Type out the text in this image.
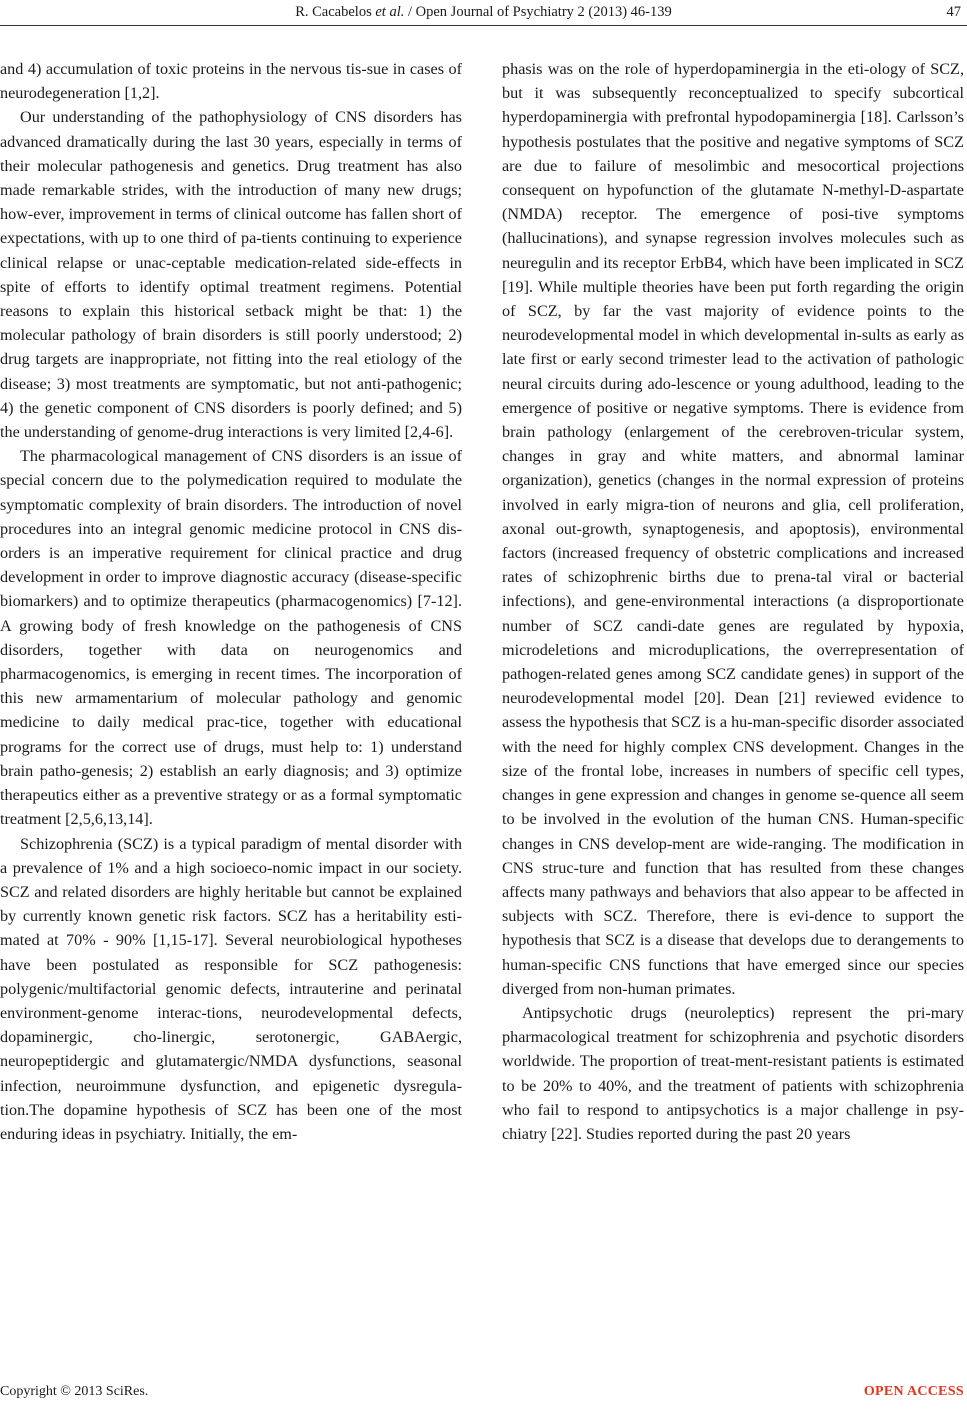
R. Cacabelos et al. / Open Journal of Psychiatry 2 (2013) 46-139	47

and 4) accumulation of toxic proteins in the nervous tis-sue in cases of neurodegeneration [1,2].

Our understanding of the pathophysiology of CNS disorders has advanced dramatically during the last 30 years, especially in terms of their molecular pathogenesis and genetics. Drug treatment has also made remarkable strides, with the introduction of many new drugs; how-ever, improvement in terms of clinical outcome has fallen short of expectations, with up to one third of pa-tients continuing to experience clinical relapse or unac-ceptable medication-related side-effects in spite of efforts to identify optimal treatment regimens. Potential reasons to explain this historical setback might be that: 1) the molecular pathology of brain disorders is still poorly understood; 2) drug targets are inappropriate, not fitting into the real etiology of the disease; 3) most treatments are symptomatic, but not anti-pathogenic; 4) the genetic component of CNS disorders is poorly defined; and 5) the understanding of genome-drug interactions is very limited [2,4-6].

The pharmacological management of CNS disorders is an issue of special concern due to the polymedication required to modulate the symptomatic complexity of brain disorders. The introduction of novel procedures into an integral genomic medicine protocol in CNS dis-orders is an imperative requirement for clinical practice and drug development in order to improve diagnostic accuracy (disease-specific biomarkers) and to optimize therapeutics (pharmacogenomics) [7-12]. A growing body of fresh knowledge on the pathogenesis of CNS disorders, together with data on neurogenomics and pharmacogenomics, is emerging in recent times. The incorporation of this new armamentarium of molecular pathology and genomic medicine to daily medical prac-tice, together with educational programs for the correct use of drugs, must help to: 1) understand brain patho-genesis; 2) establish an early diagnosis; and 3) optimize therapeutics either as a preventive strategy or as a formal symptomatic treatment [2,5,6,13,14].

Schizophrenia (SCZ) is a typical paradigm of mental disorder with a prevalence of 1% and a high socioeco-nomic impact in our society. SCZ and related disorders are highly heritable but cannot be explained by currently known genetic risk factors. SCZ has a heritability esti-mated at 70% - 90% [1,15-17]. Several neurobiological hypotheses have been postulated as responsible for SCZ pathogenesis: polygenic/multifactorial genomic defects, intrauterine and perinatal environment-genome interac-tions, neurodevelopmental defects, dopaminergic, cho-linergic, serotonergic, GABAergic, neuropeptidergic and glutamatergic/NMDA dysfunctions, seasonal infection, neuroimmune dysfunction, and epigenetic dysregula-tion.The dopamine hypothesis of SCZ has been one of the most enduring ideas in psychiatry. Initially, the em-

phasis was on the role of hyperdopaminergia in the eti-ology of SCZ, but it was subsequently reconceptualized to specify subcortical hyperdopaminergia with prefrontal hypodopaminergia [18]. Carlsson’s hypothesis postulates that the positive and negative symptoms of SCZ are due to failure of mesolimbic and mesocortical projections consequent on hypofunction of the glutamate N-methyl-D-aspartate (NMDA) receptor. The emergence of posi-tive symptoms (hallucinations), and synapse regression involves molecules such as neuregulin and its receptor ErbB4, which have been implicated in SCZ [19]. While multiple theories have been put forth regarding the origin of SCZ, by far the vast majority of evidence points to the neurodevelopmental model in which developmental in-sults as early as late first or early second trimester lead to the activation of pathologic neural circuits during ado-lescence or young adulthood, leading to the emergence of positive or negative symptoms. There is evidence from brain pathology (enlargement of the cerebroven-tricular system, changes in gray and white matters, and abnormal laminar organization), genetics (changes in the normal expression of proteins involved in early migra-tion of neurons and glia, cell proliferation, axonal out-growth, synaptogenesis, and apoptosis), environmental factors (increased frequency of obstetric complications and increased rates of schizophrenic births due to prena-tal viral or bacterial infections), and gene-environmental interactions (a disproportionate number of SCZ candi-date genes are regulated by hypoxia, microdeletions and microduplications, the overrepresentation of pathogen-related genes among SCZ candidate genes) in support of the neurodevelopmental model [20]. Dean [21] reviewed evidence to assess the hypothesis that SCZ is a hu-man-specific disorder associated with the need for highly complex CNS development. Changes in the size of the frontal lobe, increases in numbers of specific cell types, changes in gene expression and changes in genome se-quence all seem to be involved in the evolution of the human CNS. Human-specific changes in CNS develop-ment are wide-ranging. The modification in CNS struc-ture and function that has resulted from these changes affects many pathways and behaviors that also appear to be affected in subjects with SCZ. Therefore, there is evi-dence to support the hypothesis that SCZ is a disease that develops due to derangements to human-specific CNS functions that have emerged since our species diverged from non-human primates.

Antipsychotic drugs (neuroleptics) represent the pri-mary pharmacological treatment for schizophrenia and psychotic disorders worldwide. The proportion of treat-ment-resistant patients is estimated to be 20% to 40%, and the treatment of patients with schizophrenia who fail to respond to antipsychotics is a major challenge in psy-chiatry [22]. Studies reported during the past 20 years

Copyright © 2013 SciRes.	OPEN ACCESS
